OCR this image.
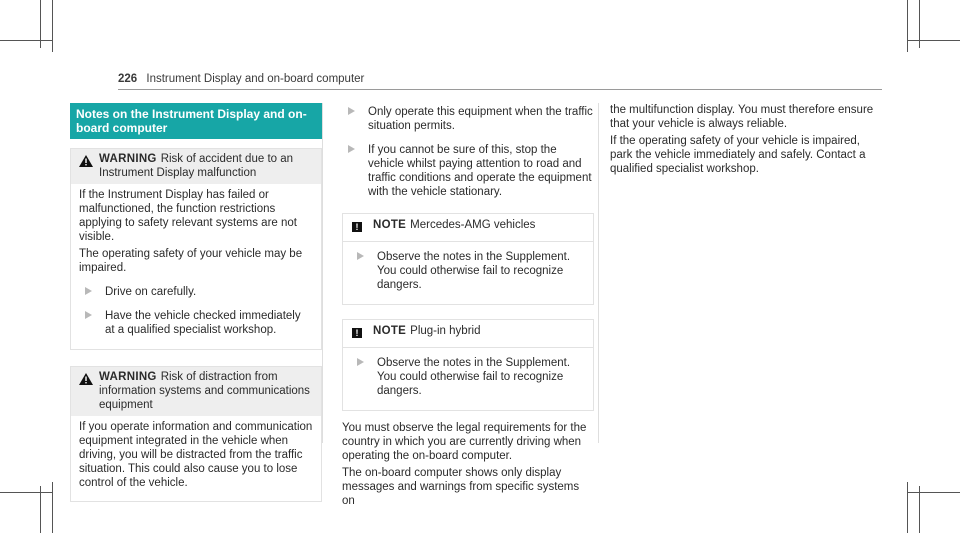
226 Instrument Display and on-board computer
Notes on the Instrument Display and on-board computer
WARNING Risk of accident due to an Instrument Display malfunction

If the Instrument Display has failed or malfunctioned, the function restrictions applying to safety relevant systems are not visible.

The operating safety of your vehicle may be impaired.

Drive on carefully.
Have the vehicle checked immediately at a qualified specialist workshop.
WARNING Risk of distraction from information systems and communications equipment

If you operate information and communication equipment integrated in the vehicle when driving, you will be distracted from the traffic situation. This could also cause you to lose control of the vehicle.

Only operate this equipment when the traffic situation permits.
If you cannot be sure of this, stop the vehicle whilst paying attention to road and traffic conditions and operate the equipment with the vehicle stationary.
!	NOTE Mercedes-AMG vehicles
Observe the notes in the Supplement. You could otherwise fail to recognize dangers.
!	NOTE Plug-in hybrid
Observe the notes in the Supplement. You could otherwise fail to recognize dangers.

You must observe the legal requirements for the country in which you are currently driving when operating the on-board computer.

The on-board computer shows only display messages and warnings from specific systems on

the multifunction display. You must therefore ensure that your vehicle is always reliable.

If the operating safety of your vehicle is impaired, park the vehicle immediately and safely. Contact a qualified specialist workshop.
